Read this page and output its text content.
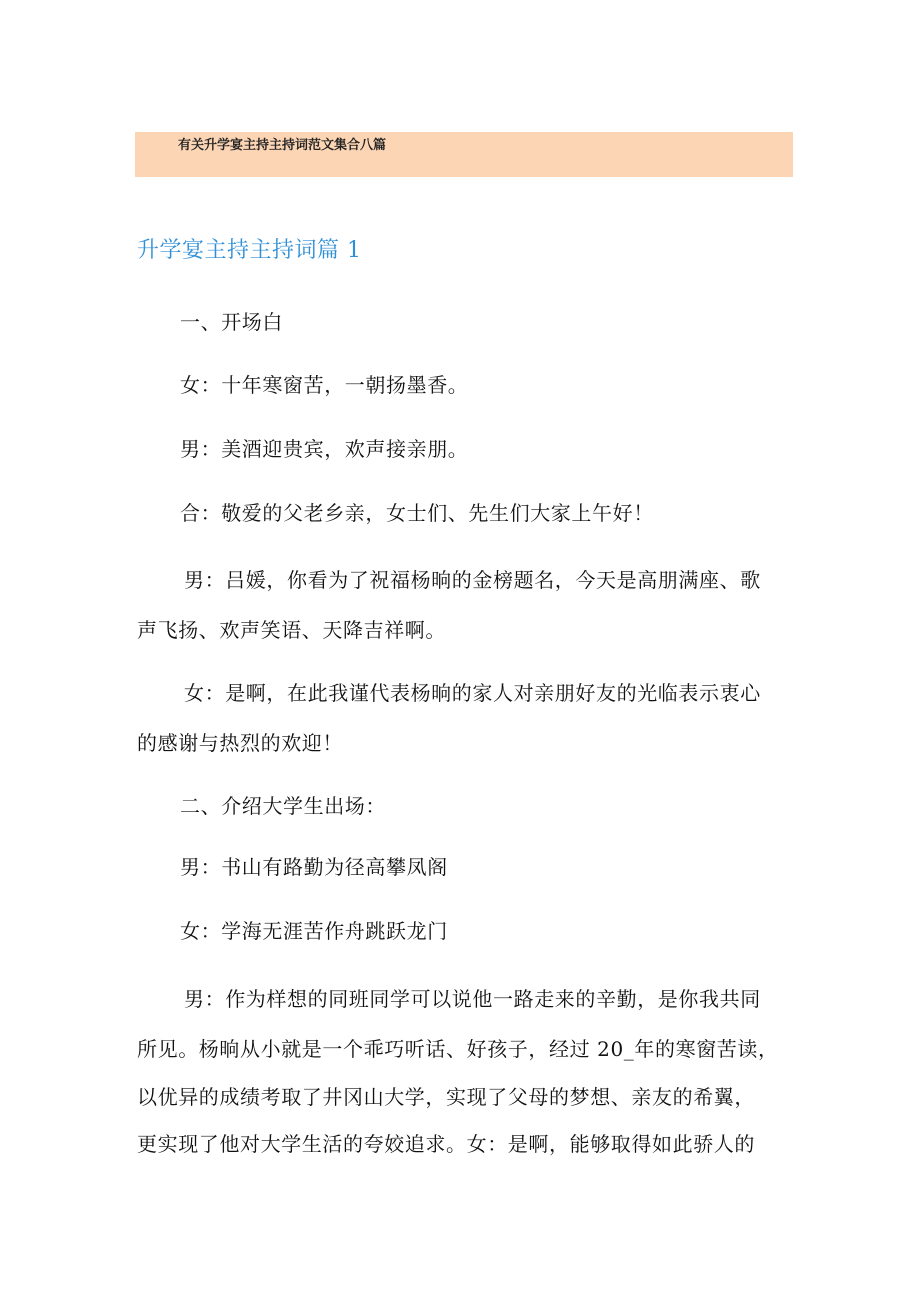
有关升学宴主持主持词范文集合八篇
升学宴主持主持词篇 1
一、开场白
女：十年寒窗苦，一朝扬墨香。
男：美酒迎贵宾，欢声接亲朋。
合：敬爱的父老乡亲，女士们、先生们大家上午好！
男：吕媛，你看为了祝福杨晌的金榜题名，今天是高朋满座、歌
声飞扬、欢声笑语、天降吉祥啊。
女：是啊，在此我谨代表杨晌的家人对亲朋好友的光临表示衷心
的感谢与热烈的欢迎！
二、介绍大学生出场：
男：书山有路勤为径高攀凤阁
女：学海无涯苦作舟跳跃龙门
男：作为样想的同班同学可以说他一路走来的辛勤，是你我共同
所见。杨晌从小就是一个乖巧听话、好孩子，经过 20_年的寒窗苦读，
以优异的成绩考取了井冈山大学，实现了父母的梦想、亲友的希翼，
更实现了他对大学生活的夸姣追求。女：是啊，能够取得如此骄人的
